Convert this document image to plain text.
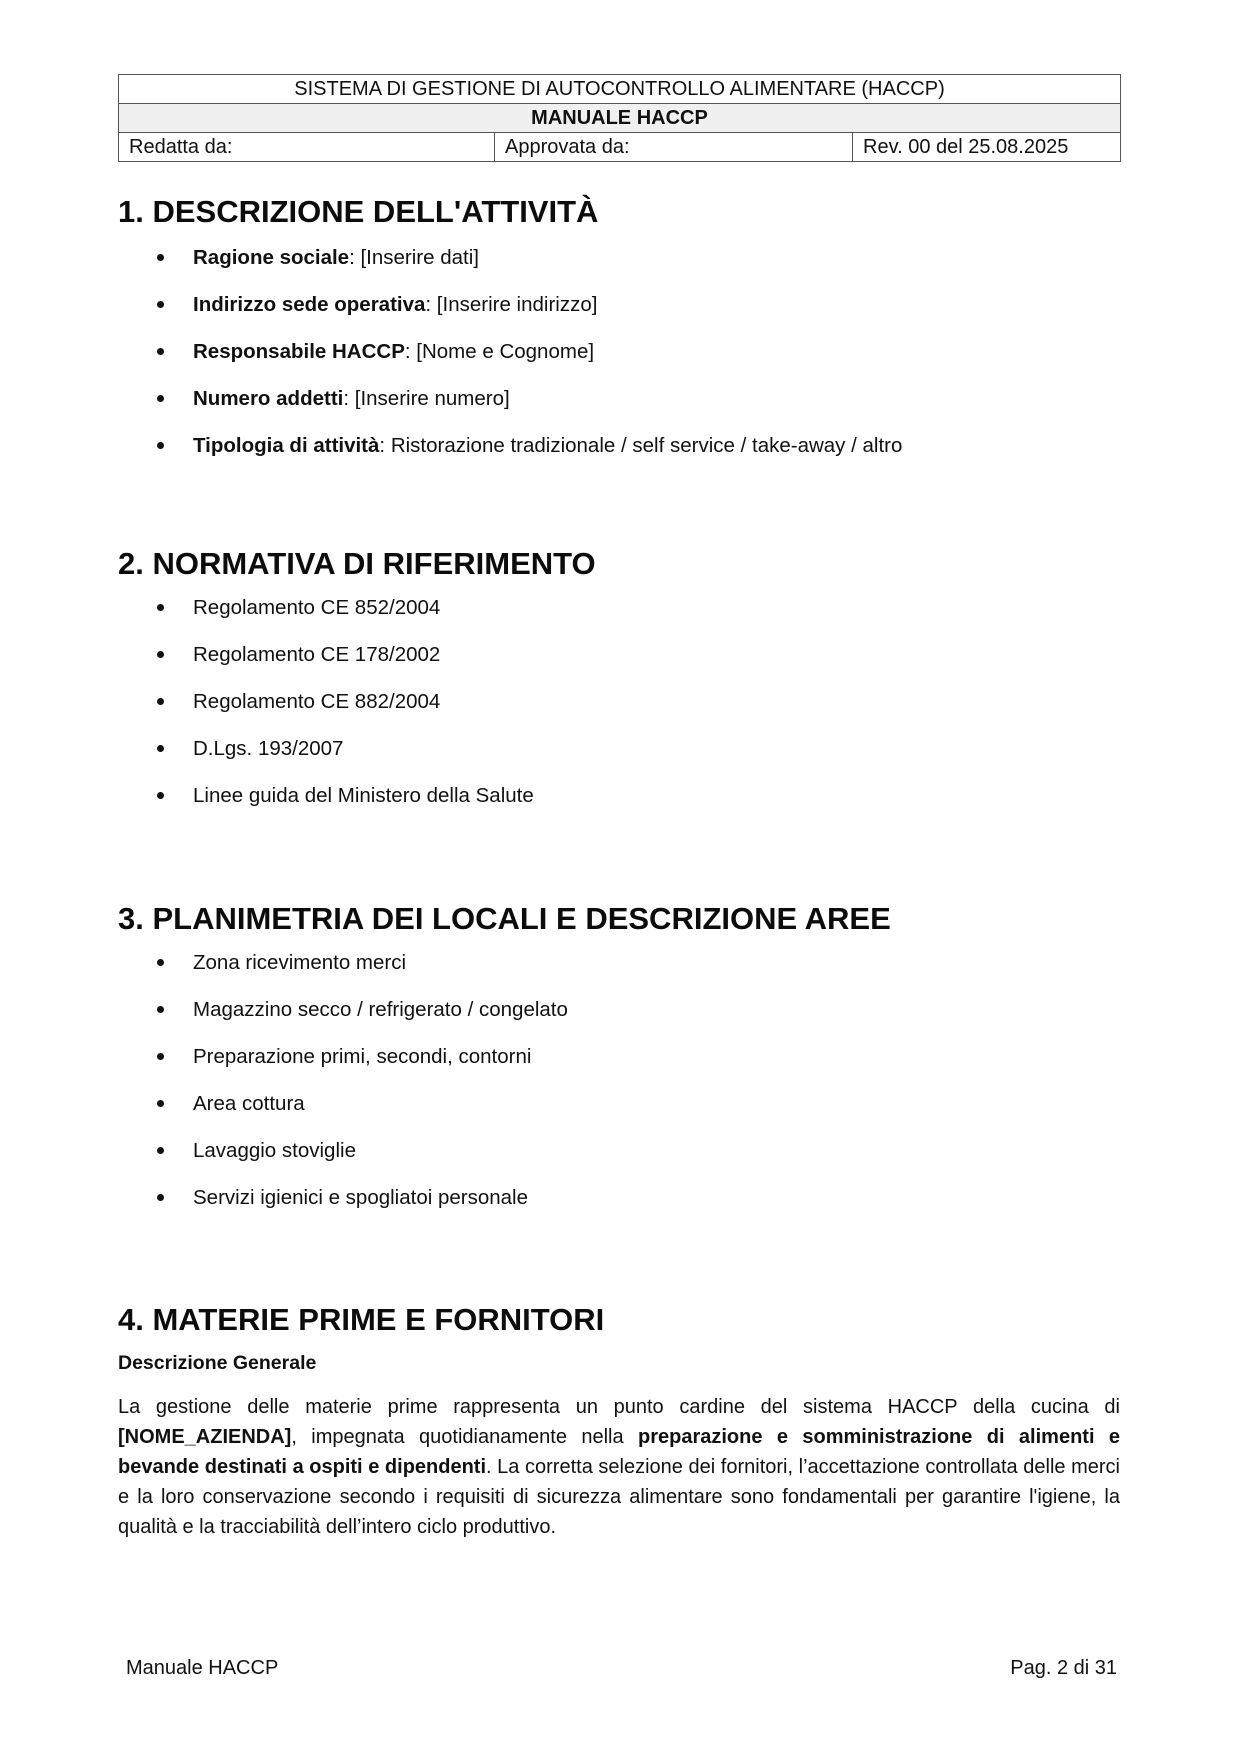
SISTEMA DI GESTIONE DI AUTOCONTROLLO ALIMENTARE (HACCP)
MANUALE HACCP
Redatta da:	Approvata da:	Rev. 00 del 25.08.2025
1. DESCRIZIONE DELL'ATTIVITÀ
Ragione sociale: [Inserire dati]
Indirizzo sede operativa: [Inserire indirizzo]
Responsabile HACCP: [Nome e Cognome]
Numero addetti: [Inserire numero]
Tipologia di attività: Ristorazione tradizionale / self service / take-away / altro
2. NORMATIVA DI RIFERIMENTO
Regolamento CE 852/2004
Regolamento CE 178/2002
Regolamento CE 882/2004
D.Lgs. 193/2007
Linee guida del Ministero della Salute
3. PLANIMETRIA DEI LOCALI E DESCRIZIONE AREE
Zona ricevimento merci
Magazzino secco / refrigerato / congelato
Preparazione primi, secondi, contorni
Area cottura
Lavaggio stoviglie
Servizi igienici e spogliatoi personale
4. MATERIE PRIME E FORNITORI

Descrizione Generale

La gestione delle materie prime rappresenta un punto cardine del sistema HACCP della cucina di [NOME_AZIENDA], impegnata quotidianamente nella preparazione e somministrazione di alimenti e bevande destinati a ospiti e dipendenti. La corretta selezione dei fornitori, l’accettazione controllata delle merci e la loro conservazione secondo i requisiti di sicurezza alimentare sono fondamentali per garantire l'igiene, la qualità e la tracciabilità dell’intero ciclo produttivo.

Manuale HACCP	Pag. 2 di 31
